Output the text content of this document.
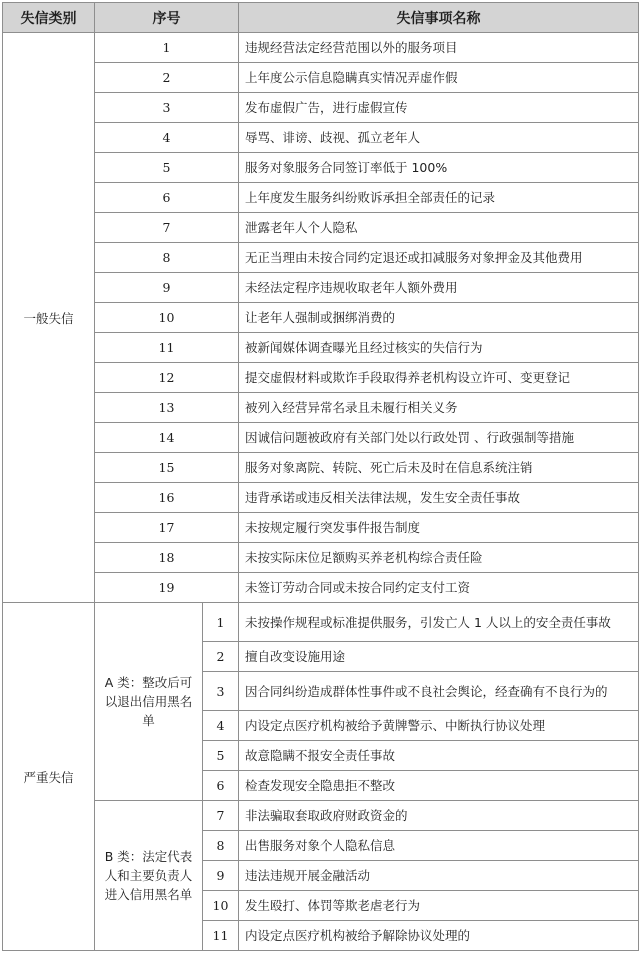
失信类别	序号		失信事项名称
一般失信	1		违规经营法定经营范围以外的服务项目
	2		上年度公示信息隐瞒真实情况弄虚作假
	3		发布虚假广告，进行虚假宣传
	4		辱骂、诽谤、歧视、孤立老年人
	5		服务对象服务合同签订率低于 100%
	6		上年度发生服务纠纷败诉承担全部责任的记录
	7		泄露老年人个人隐私
	8		无正当理由未按合同约定退还或扣减服务对象押金及其他费用
	9		未经法定程序违规收取老年人额外费用
	10		让老年人强制或捆绑消费的
	11		被新闻媒体调查曝光且经过核实的失信行为
	12		提交虚假材料或欺诈手段取得养老机构设立许可、变更登记
	13		被列入经营异常名录且未履行相关义务
	14		因诚信问题被政府有关部门处以行政处罚 、行政强制等措施
	15		服务对象离院、转院、死亡后未及时在信息系统注销
	16		违背承诺或违反相关法律法规，发生安全责任事故
	17		未按规定履行突发事件报告制度
	18		未按实际床位足额购买养老机构综合责任险
	19		未签订劳动合同或未按合同约定支付工资
严重失信	A 类：整改后可以退出信用黑名单	1	未按操作规程或标准提供服务，引发亡人 1 人以上的安全责任事故
		2	擅自改变设施用途
		3	因合同纠纷造成群体性事件或不良社会舆论，经查确有不良行为的
		4	内设定点医疗机构被给予黄牌警示、中断执行协议处理
		5	故意隐瞒不报安全责任事故
		6	检查发现安全隐患拒不整改
	B 类：法定代表人和主要负责人进入信用黑名单	7	非法骗取套取政府财政资金的
		8	出售服务对象个人隐私信息
		9	违法违规开展金融活动
		10	发生殴打、体罚等欺老虐老行为
		11	内设定点医疗机构被给予解除协议处理的
